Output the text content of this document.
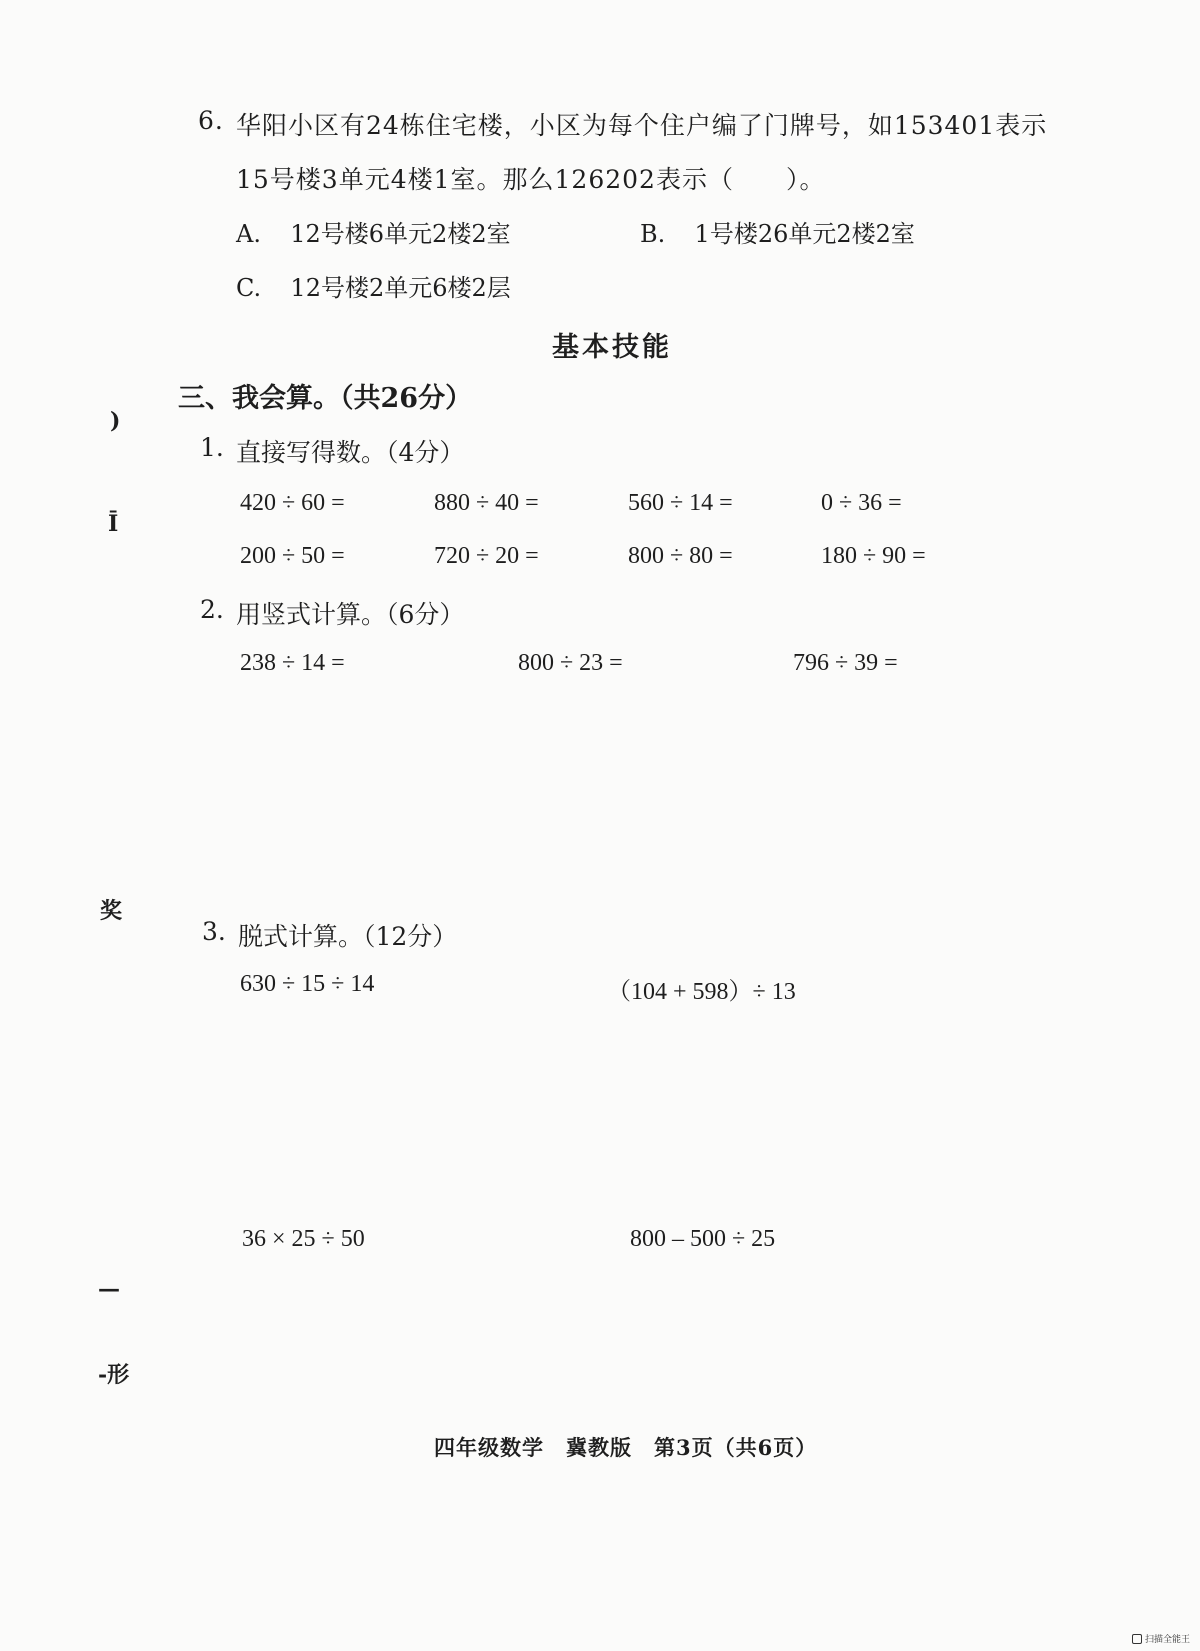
6. 华阳小区有24栋住宅楼，小区为每个住户编了门牌号，如153401表示
15号楼3单元4楼1室。那么126202表示（　　）。
A. 12号楼6单元2楼2室	B. 1号楼26单元2楼2室
C. 12号楼2单元6楼2层
基本技能
三、我会算。（共26分）
1. 直接写得数。（4分）
420 ÷ 60 =	880 ÷ 40 =	560 ÷ 14 =	0 ÷ 36 =
200 ÷ 50 =	720 ÷ 20 =	800 ÷ 80 =	180 ÷ 90 =
2. 用竖式计算。（6分）
238 ÷ 14 =	800 ÷ 23 =	796 ÷ 39 =
3. 脱式计算。（12分）
630 ÷ 15 ÷ 14	（104 + 598）÷ 13
36 × 25 ÷ 50	800 – 500 ÷ 25
)
Ī
奖
—
-形
四年级数学　冀教版　第3页（共6页）
扫描全能王
